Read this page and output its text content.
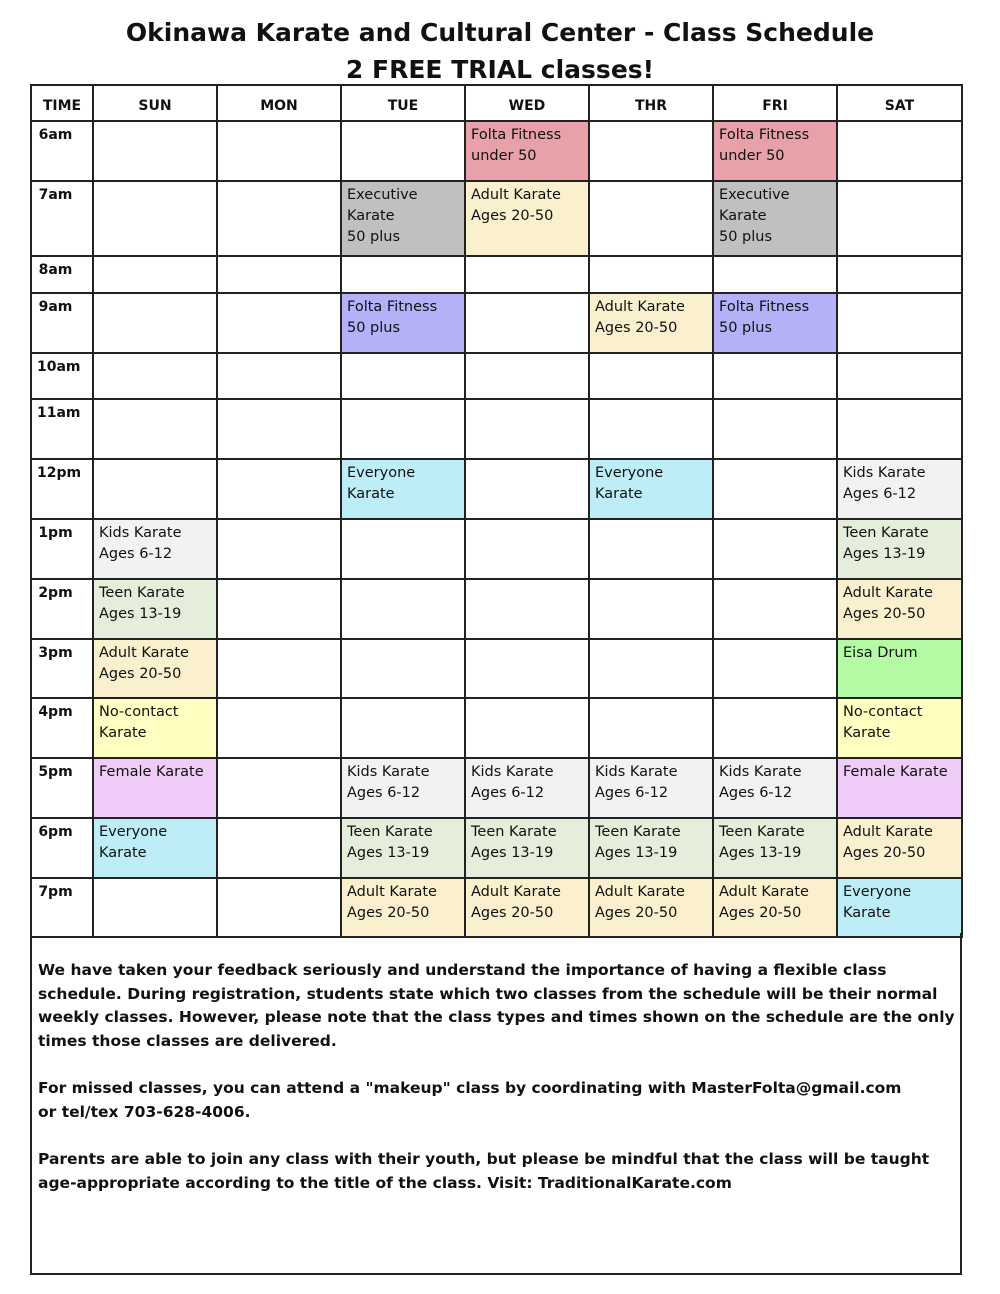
Okinawa Karate and Cultural Center - Class Schedule
2 FREE TRIAL classes!
TIME	SUN	MON	TUE	WED	THR	FRI	SAT
6am				Folta Fitness
under 50		Folta Fitness
under 50	
7am			Executive
Karate
50 plus	Adult Karate
Ages 20-50		Executive
Karate
50 plus	
8am							
9am			Folta Fitness
50 plus		Adult Karate
Ages 20-50	Folta Fitness
50 plus	
10am							
11am							
12pm			Everyone
Karate		Everyone
Karate		Kids Karate
Ages 6-12
1pm	Kids Karate
Ages 6-12						Teen Karate
Ages 13-19
2pm	Teen Karate
Ages 13-19						Adult Karate
Ages 20-50
3pm	Adult Karate
Ages 20-50						Eisa Drum
4pm	No-contact
Karate						No-contact
Karate
5pm	Female Karate		Kids Karate
Ages 6-12	Kids Karate
Ages 6-12	Kids Karate
Ages 6-12	Kids Karate
Ages 6-12	Female Karate
6pm	Everyone
Karate		Teen Karate
Ages 13-19	Teen Karate
Ages 13-19	Teen Karate
Ages 13-19	Teen Karate
Ages 13-19	Adult Karate
Ages 20-50
7pm			Adult Karate
Ages 20-50	Adult Karate
Ages 20-50	Adult Karate
Ages 20-50	Adult Karate
Ages 20-50	Everyone
Karate

We have taken your feedback seriously and understand the importance of having a flexible class schedule. During registration, students state which two classes from the schedule will be their normal weekly classes. However, please note that the class types and times shown on the schedule are the only times those classes are delivered.

For missed classes, you can attend a "makeup" class by coordinating with MasterFolta@gmail.com
or tel/tex 703-628-4006.

Parents are able to join any class with their youth, but please be mindful that the class will be taught age-appropriate according to the title of the class. Visit: TraditionalKarate.com
